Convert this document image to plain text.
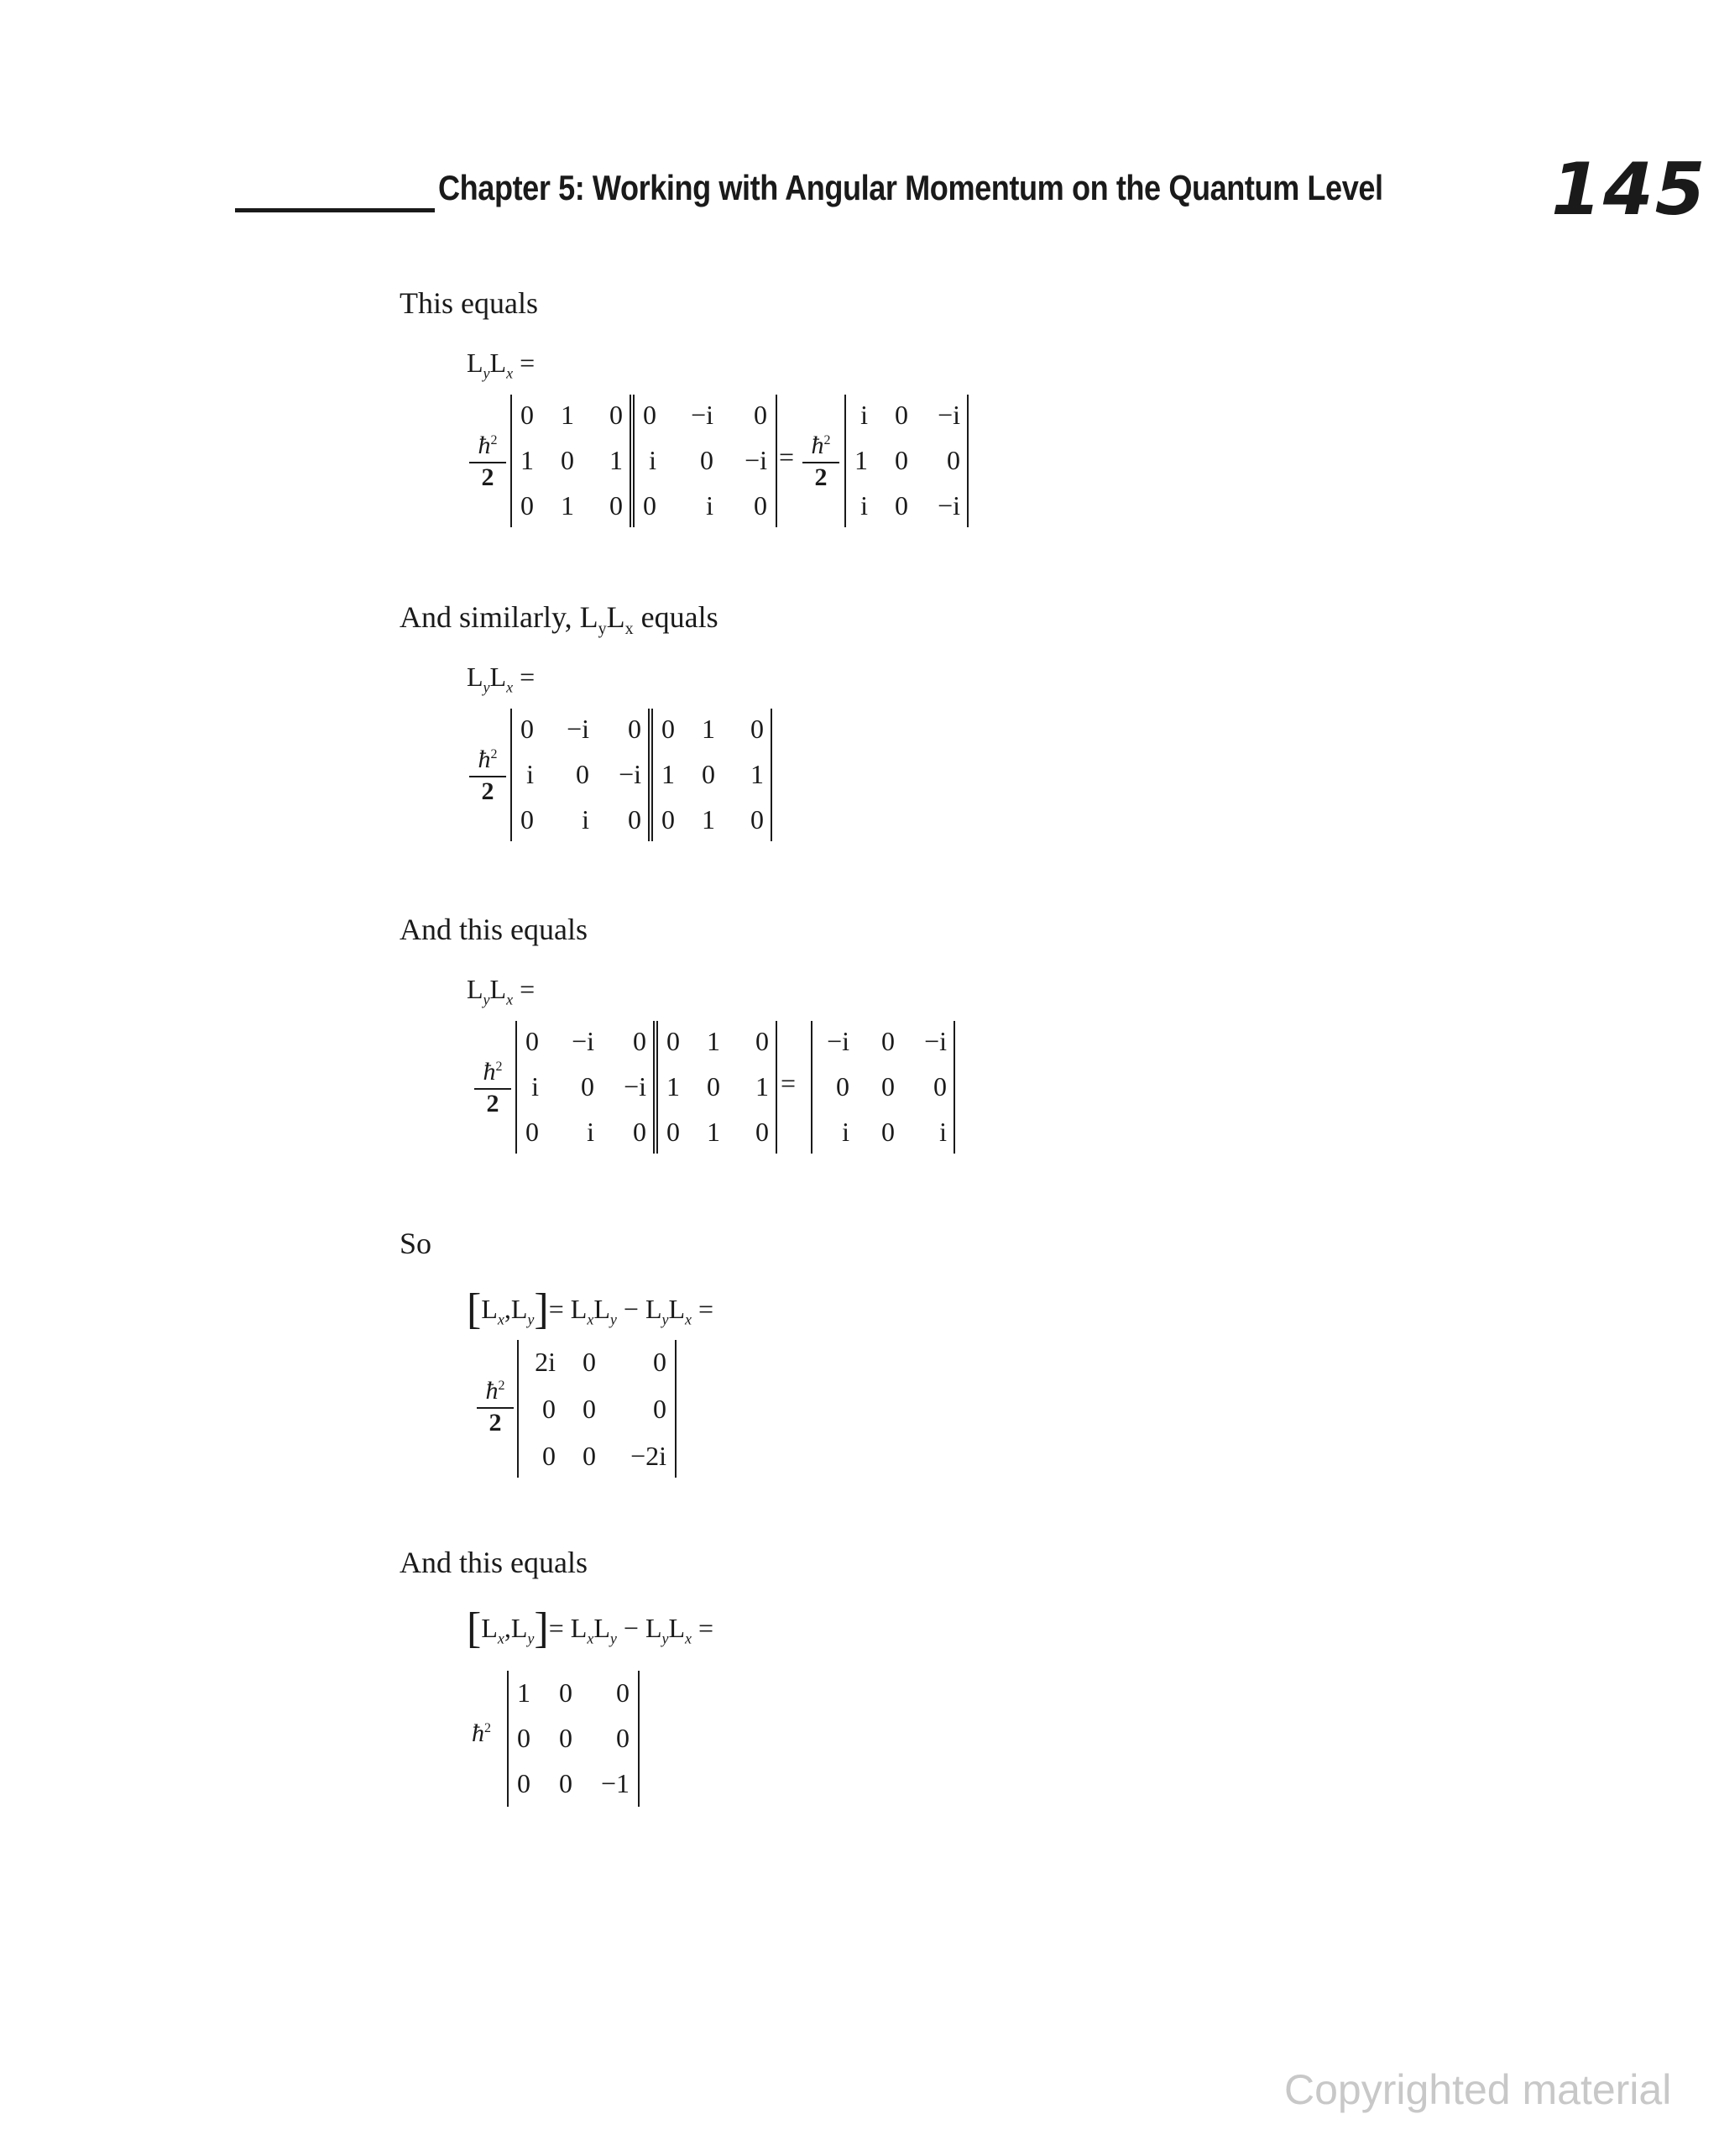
Chapter 5: Working with Angular Momentum on the Quantum Level 145
This equals
$L_yL_x$ =
$\frac{ħ^2}{2}$
0	1	0
1	0	1
0	1	0
0	−i	0
i	0	−i
0	i	0
= $\frac{ħ^2}{2}$
i	0	−i
1	0	0
i	0	−i
And similarly, $L_yL_x$ equals
$L_yL_x$ =
$\frac{ħ^2}{2}$
0	−i	0
i	0	−i
0	i	0
0	1	0
1	0	1
0	1	0
And this equals
$L_yL_x$ =
$\frac{ħ^2}{2}$
0	−i	0
i	0	−i
0	i	0
0	1	0
1	0	1
0	1	0
=
−i	0	−i
0	0	0
i	0	i
So
$[L_x,L_y]= L_xL_y - L_yL_x$ =
$\frac{ħ^2}{2}$
2i	0	0
0	0	0
0	0	−2i
And this equals
$[L_x,L_y]= L_xL_y - L_yL_x$ =
$ħ^2$
1	0	0
0	0	0
0	0	−1
Copyrighted material
